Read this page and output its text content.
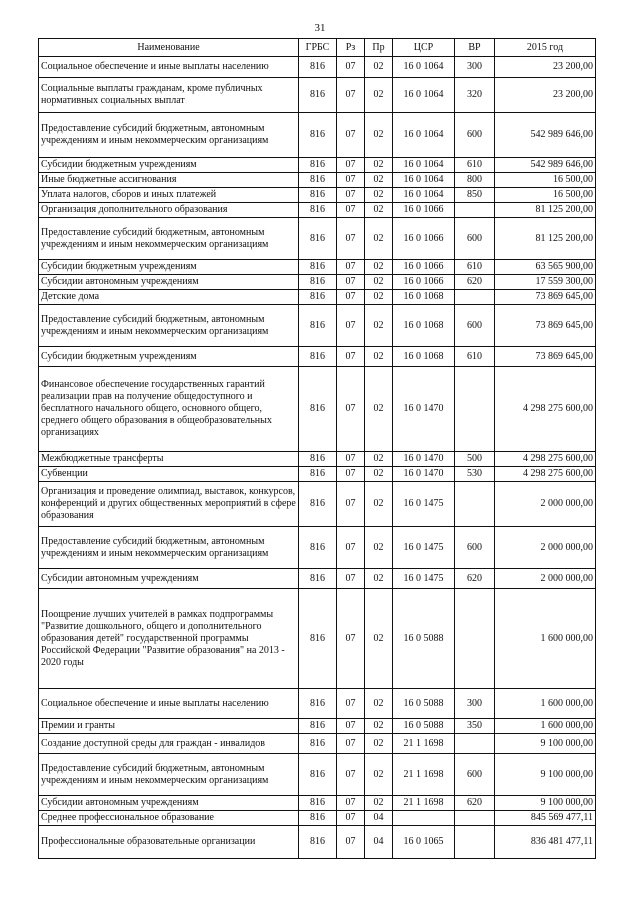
31
Наименование	ГРБС	Рз	Пр	ЦСР	ВР	2015 год
Социальное обеспечение и иные выплаты населению	816	07	02	16 0 1064	300	23 200,00
Социальные выплаты гражданам, кроме публичных нормативных социальных выплат	816	07	02	16 0 1064	320	23 200,00
Предоставление субсидий бюджетным, автономным учреждениям и иным некоммерческим организациям	816	07	02	16 0 1064	600	542 989 646,00
Субсидии бюджетным учреждениям	816	07	02	16 0 1064	610	542 989 646,00
Иные бюджетные ассигнования	816	07	02	16 0 1064	800	16 500,00
Уплата налогов, сборов и иных платежей	816	07	02	16 0 1064	850	16 500,00
Организация дополнительного образования	816	07	02	16 0 1066		81 125 200,00
Предоставление субсидий бюджетным, автономным учреждениям и иным некоммерческим организациям	816	07	02	16 0 1066	600	81 125 200,00
Субсидии бюджетным учреждениям	816	07	02	16 0 1066	610	63 565 900,00
Субсидии автономным учреждениям	816	07	02	16 0 1066	620	17 559 300,00
Детские дома	816	07	02	16 0 1068		73 869 645,00
Предоставление субсидий бюджетным, автономным учреждениям и иным некоммерческим организациям	816	07	02	16 0 1068	600	73 869 645,00
Субсидии бюджетным учреждениям	816	07	02	16 0 1068	610	73 869 645,00
Финансовое обеспечение государственных гарантий реализации прав на получение общедоступного и бесплатного начального общего, основного общего, среднего общего образования в общеобразовательных организациях	816	07	02	16 0 1470		4 298 275 600,00
Межбюджетные трансферты	816	07	02	16 0 1470	500	4 298 275 600,00
Субвенции	816	07	02	16 0 1470	530	4 298 275 600,00
Организация и проведение олимпиад, выставок, конкурсов, конференций и других общественных мероприятий в сфере образования	816	07	02	16 0 1475		2 000 000,00
Предоставление субсидий бюджетным, автономным учреждениям и иным некоммерческим организациям	816	07	02	16 0 1475	600	2 000 000,00
Субсидии автономным учреждениям	816	07	02	16 0 1475	620	2 000 000,00
Поощрение лучших учителей в рамках подпрограммы "Развитие дошкольного, общего и дополнительного образования детей" государственной программы Российской Федерации "Развитие образования" на 2013 - 2020 годы	816	07	02	16 0 5088		1 600 000,00
Социальное обеспечение и иные выплаты населению	816	07	02	16 0 5088	300	1 600 000,00
Премии и гранты	816	07	02	16 0 5088	350	1 600 000,00
Создание доступной среды для граждан - инвалидов	816	07	02	21 1 1698		9 100 000,00
Предоставление субсидий бюджетным, автономным учреждениям и иным некоммерческим организациям	816	07	02	21 1 1698	600	9 100 000,00
Субсидии автономным учреждениям	816	07	02	21 1 1698	620	9 100 000,00
Среднее профессиональное образование	816	07	04			845 569 477,11
Профессиональные образовательные организации	816	07	04	16 0 1065		836 481 477,11
